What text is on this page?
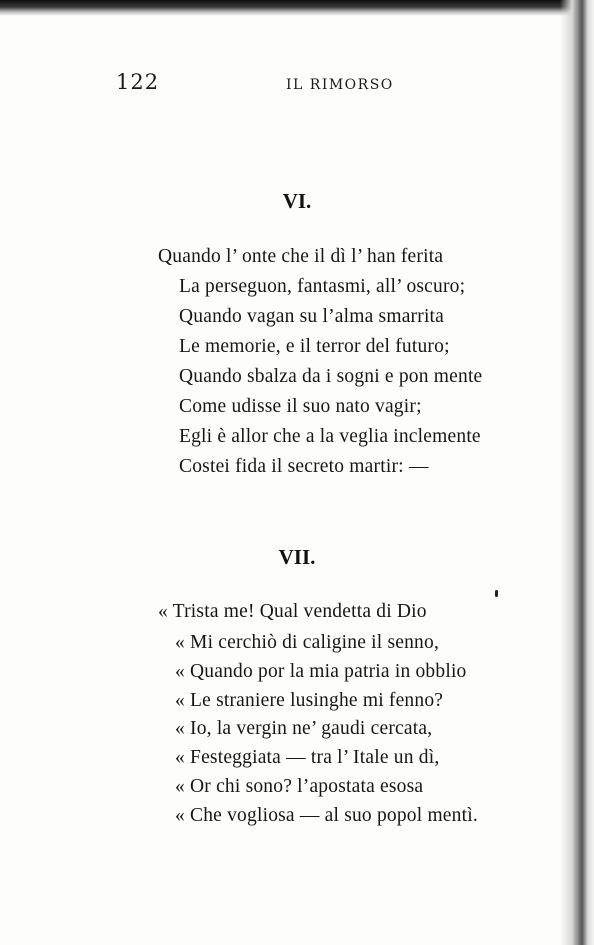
122	IL RIMORSO
VI.
Quando l’ onte che il dì l’ han ferita
La perseguon, fantasmi, all’ oscuro;
Quando vagan su l’alma smarrita
Le memorie, e il terror del futuro;
Quando sbalza da i sogni e pon mente
Come udisse il suo nato vagir;
Egli è allor che a la veglia inclemente
Costei fida il secreto martir: —
VII.
« Trista me! Qual vendetta di Dio
« Mi cerchiò di caligine il senno,
« Quando por la mia patria in obblio
« Le straniere lusinghe mi fenno?
« Io, la vergin ne’ gaudi cercata,
« Festeggiata — tra l’ Itale un dì,
« Or chi sono? l’apostata esosa
« Che vogliosa — al suo popol mentì.
